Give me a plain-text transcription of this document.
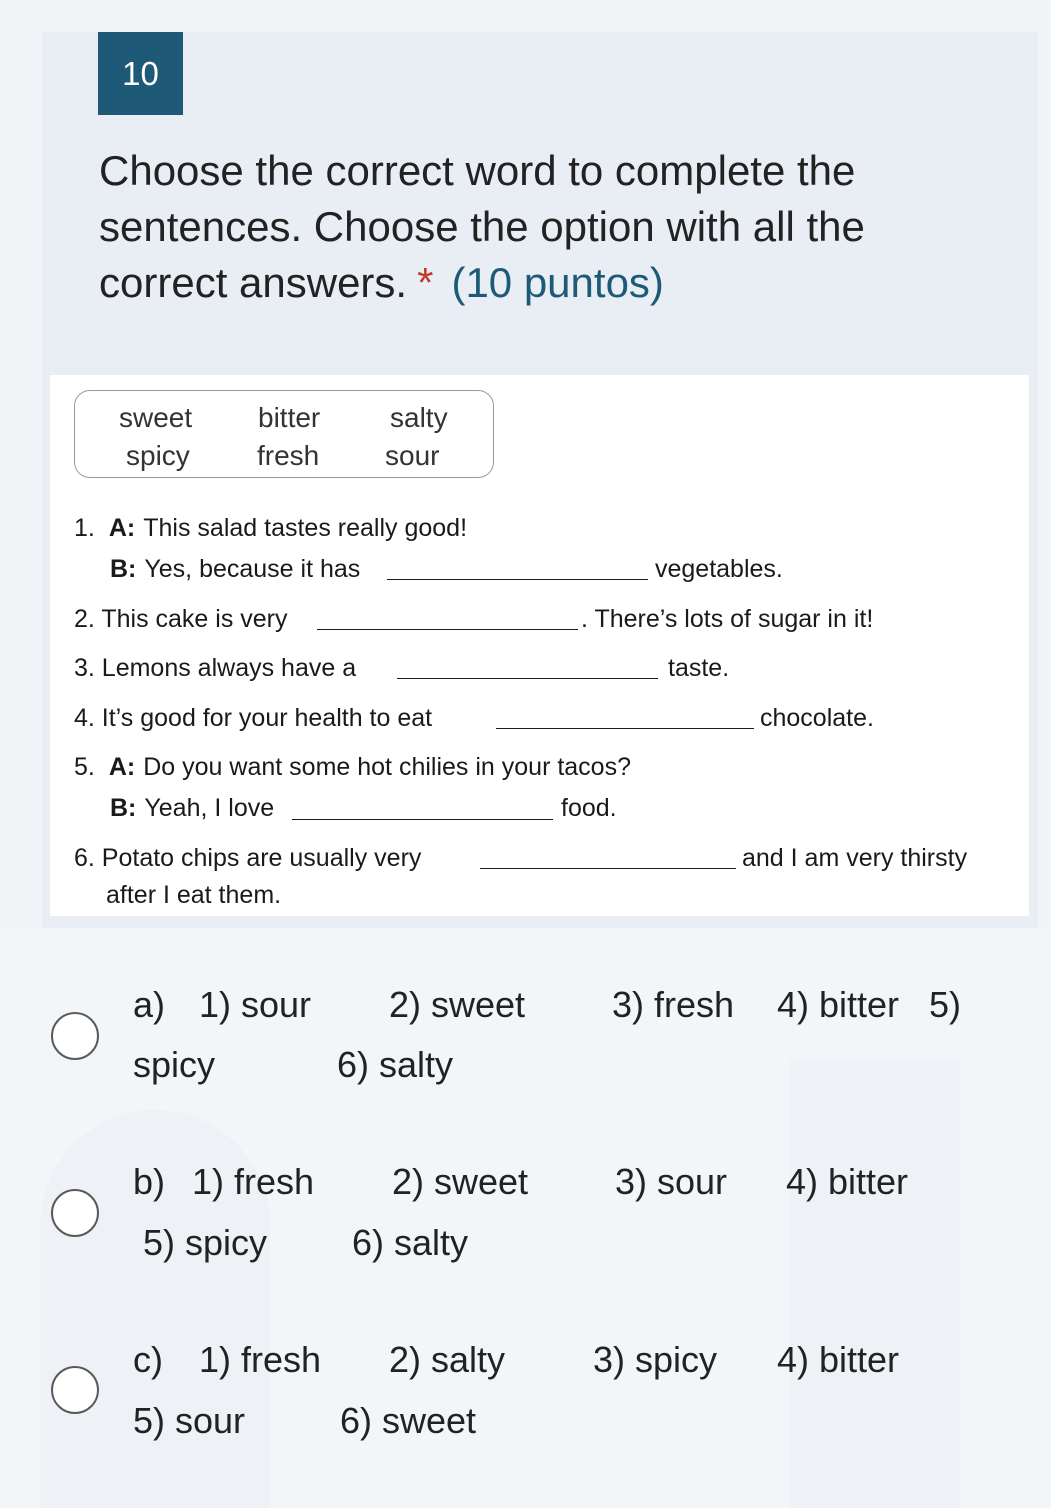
10
Choose the correct word to complete the sentences. Choose the option with all the correct answers. * (10 puntos)
sweet bitter salty
spicy fresh sour
1. A: This salad tastes really good!
B: Yes, because it has	vegetables.
2. This cake is very	. There’s lots of sugar in it!
3. Lemons always have a	taste.
4. It’s good for your health to eat	chocolate.
5. A: Do you want some hot chilies in your tacos?
B: Yeah, I love	food.
6. Potato chips are usually very	and I am very thirsty
after I eat them.
a) 1) sour 2) sweet 3) fresh 4) bitter 5)
spicy	6) salty
b) 1) fresh 2) sweet 3) sour 4) bitter
5) spicy 6) salty
c) 1) fresh 2) salty 3) spicy 4) bitter
5) sour	6) sweet
